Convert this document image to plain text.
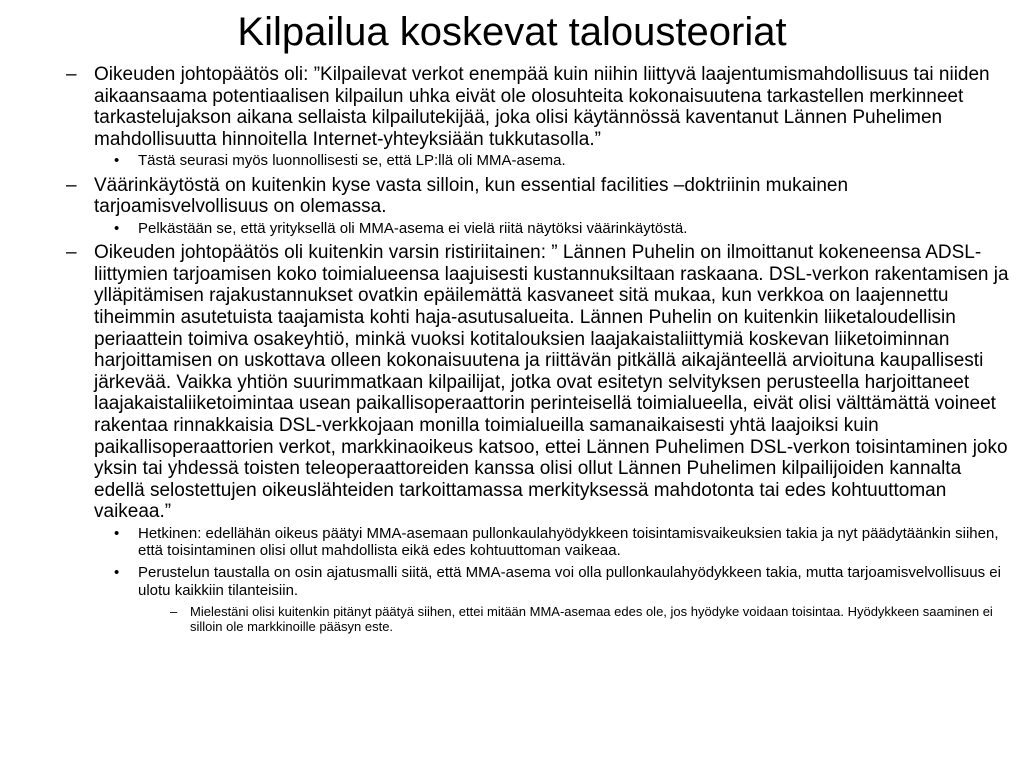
Kilpailua koskevat talousteoriat

– Oikeuden johtopäätös oli: ”Kilpailevat verkot enempää kuin niihin liittyvä laajentumismahdollisuus tai niiden aikaansaama potentiaalisen kilpailun uhka eivät ole olosuhteita kokonaisuutena tarkastellen merkinneet tarkastelujakson aikana sellaista kilpailutekijää, joka olisi käytännössä kaventanut Lännen Puhelimen mahdollisuutta hinnoitella Internet-yhteyksiään tukkutasolla.”

• Tästä seurasi myös luonnollisesti se, että LP:llä oli MMA-asema.

– Väärinkäytöstä on kuitenkin kyse vasta silloin, kun essential facilities –doktriinin mukainen tarjoamisvelvollisuus on olemassa.

• Pelkästään se, että yrityksellä oli MMA-asema ei vielä riitä näytöksi väärinkäytöstä.

– Oikeuden johtopäätös oli kuitenkin varsin ristiriitainen: ” Lännen Puhelin on ilmoittanut kokeneensa ADSL-liittymien tarjoamisen koko toimialueensa laajuisesti kustannuksiltaan raskaana. DSL-verkon rakentamisen ja ylläpitämisen rajakustannukset ovatkin epäilemättä kasvaneet sitä mukaa, kun verkkoa on laajennettu tiheimmin asutetuista taajamista kohti haja-asutusalueita. Lännen Puhelin on kuitenkin liiketaloudellisin periaattein toimiva osakeyhtiö, minkä vuoksi kotitalouksien laajakaistaliittymiä koskevan liiketoiminnan harjoittamisen on uskottava olleen kokonaisuutena ja riittävän pitkällä aikajänteellä arvioituna kaupallisesti järkevää. Vaikka yhtiön suurimmatkaan kilpailijat, jotka ovat esitetyn selvityksen perusteella harjoittaneet laajakaistaliiketoimintaa usean paikallisoperaattorin perinteisellä toimialueella, eivät olisi välttämättä voineet rakentaa rinnakkaisia DSL-verkkojaan monilla toimialueilla samanaikaisesti yhtä laajoiksi kuin paikallisoperaattorien verkot, markkinaoikeus katsoo, ettei Lännen Puhelimen DSL-verkon toisintaminen joko yksin tai yhdessä toisten teleoperaattoreiden kanssa olisi ollut Lännen Puhelimen kilpailijoiden kannalta edellä selostettujen oikeuslähteiden tarkoittamassa merkityksessä mahdotonta tai edes kohtuuttoman vaikeaa.”

• Hetkinen: edellähän oikeus päätyi MMA-asemaan pullonkaulahyödykkeen toisintamisvaikeuksien takia ja nyt päädytäänkin siihen, että toisintaminen olisi ollut mahdollista eikä edes kohtuuttoman vaikeaa.

• Perustelun taustalla on osin ajatusmalli siitä, että MMA-asema voi olla pullonkaulahyödykkeen takia, mutta tarjoamisvelvollisuus ei ulotu kaikkiin tilanteisiin.

– Mielestäni olisi kuitenkin pitänyt päätyä siihen, ettei mitään MMA-asemaa edes ole, jos hyödyke voidaan toisintaa. Hyödykkeen saaminen ei silloin ole markkinoille pääsyn este.
